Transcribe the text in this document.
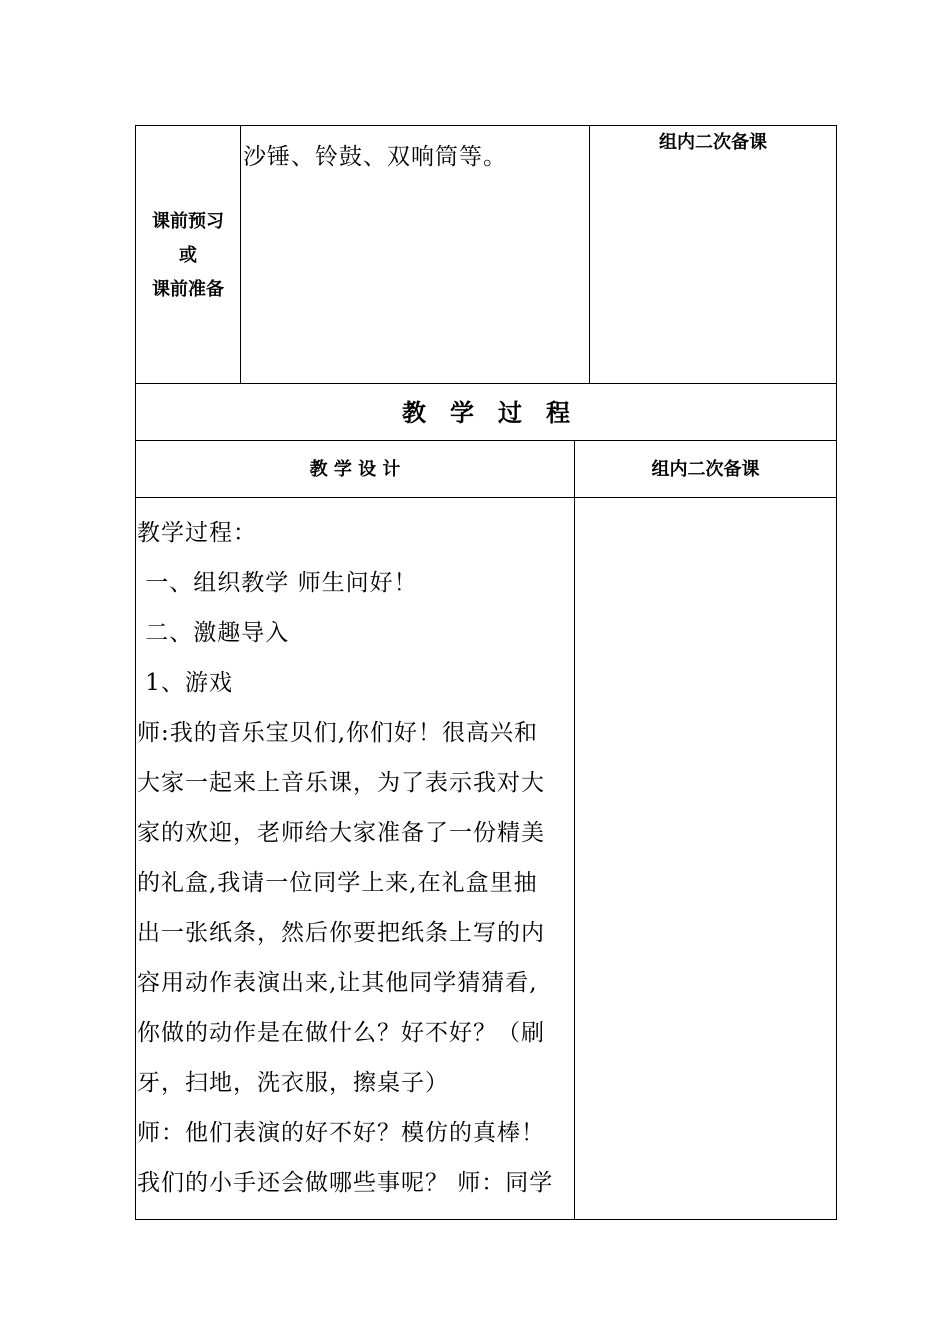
课前预习
或
课前准备
沙锤、铃鼓、双响筒等。
组内二次备课
教　学　过　程
教 学 设 计	组内二次备课
教学过程：
一、组织教学 师生问好！
二、激趣导入
1、游戏
师:我的音乐宝贝们,你们好！很高兴和
大家一起来上音乐课，为了表示我对大
家的欢迎，老师给大家准备了一份精美
的礼盒,我请一位同学上来,在礼盒里抽
出一张纸条，然后你要把纸条上写的内
容用动作表演出来,让其他同学猜猜看,
你做的动作是在做什么？好不好？（刷
牙，扫地，洗衣服，擦桌子）
师：他们表演的好不好？模仿的真棒！
我们的小手还会做哪些事呢？ 师：同学
